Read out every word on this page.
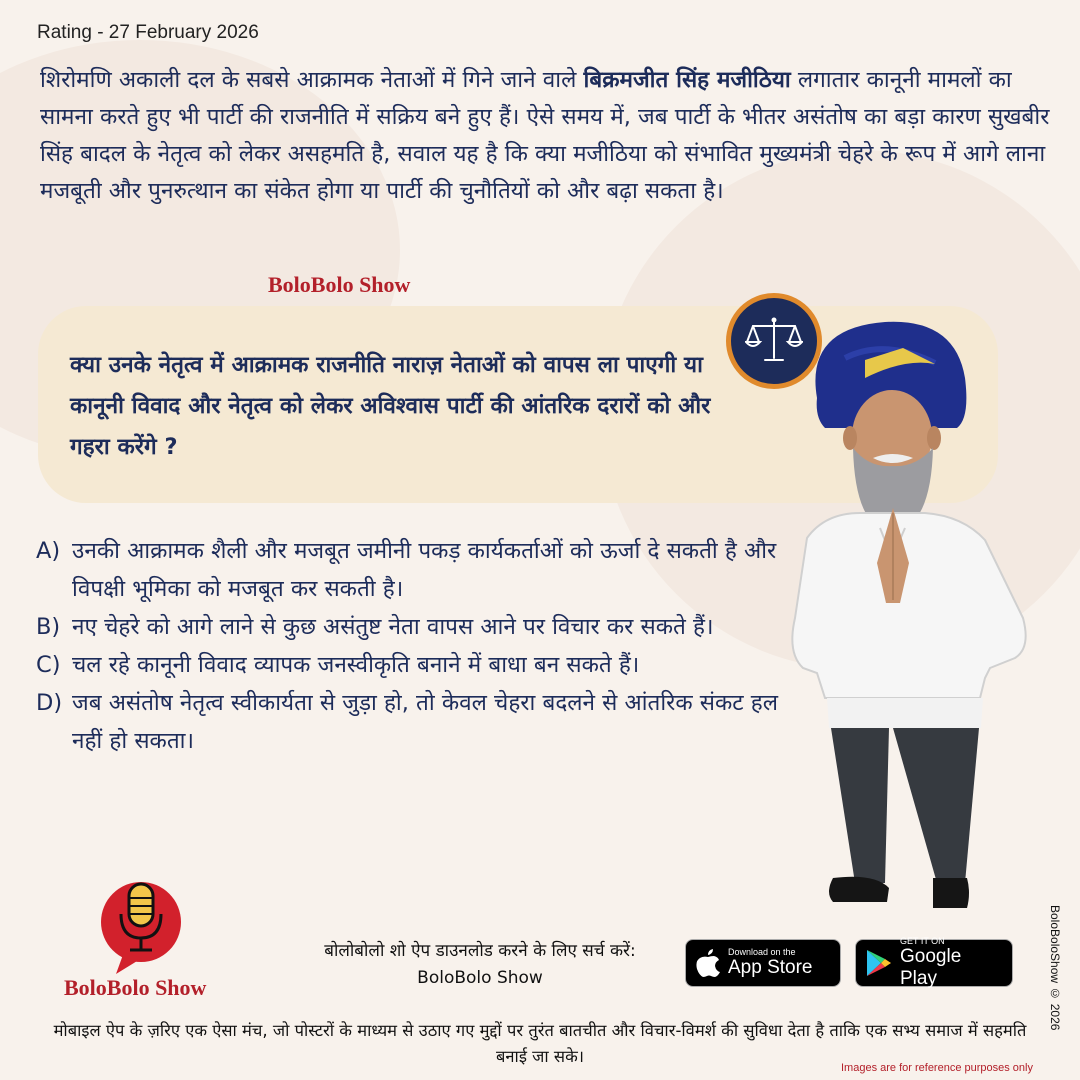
Rating - 27 February 2026

शिरोमणि अकाली दल के सबसे आक्रामक नेताओं में गिने जाने वाले बिक्रमजीत सिंह मजीठिया लगातार कानूनी मामलों का सामना करते हुए भी पार्टी की राजनीति में सक्रिय बने हुए हैं। ऐसे समय में, जब पार्टी के भीतर असंतोष का बड़ा कारण सुखबीर सिंह बादल के नेतृत्व को लेकर असहमति है, सवाल यह है कि क्या मजीठिया को संभावित मुख्यमंत्री चेहरे के रूप में आगे लाना मजबूती और पुनरुत्थान का संकेत होगा या पार्टी की चुनौतियों को और बढ़ा सकता है।

BoloBolo Show

क्या उनके नेतृत्व में आक्रामक राजनीति नाराज़ नेताओं को वापस ला पाएगी या कानूनी विवाद और नेतृत्व को लेकर अविश्वास पार्टी की आंतरिक दरारों को और गहरा करेंगे ?

A) उनकी आक्रामक शैली और मजबूत जमीनी पकड़ कार्यकर्ताओं को ऊर्जा दे सकती है और विपक्षी भूमिका को मजबूत कर सकती है।
B) नए चेहरे को आगे लाने से कुछ असंतुष्ट नेता वापस आने पर विचार कर सकते हैं।
C) चल रहे कानूनी विवाद व्यापक जनस्वीकृति बनाने में बाधा बन सकते हैं।
D) जब असंतोष नेतृत्व स्वीकार्यता से जुड़ा हो, तो केवल चेहरा बदलने से आंतरिक संकट हल नहीं हो सकता।
BoloBolo Show
बोलोबोलो शो ऐप डाउनलोड करने के लिए सर्च करें:
BoloBolo Show
Download on the
App Store
GET IT ON
Google Play

मोबाइल ऐप के ज़रिए एक ऐसा मंच, जो पोस्टरों के माध्यम से उठाए गए मुद्दों पर तुरंत बातचीत और विचार-विमर्श की सुविधा देता है ताकि एक सभ्य समाज में सहमति बनाई जा सके।

Images are for reference purposes only
BoloBoloShow © 2026
